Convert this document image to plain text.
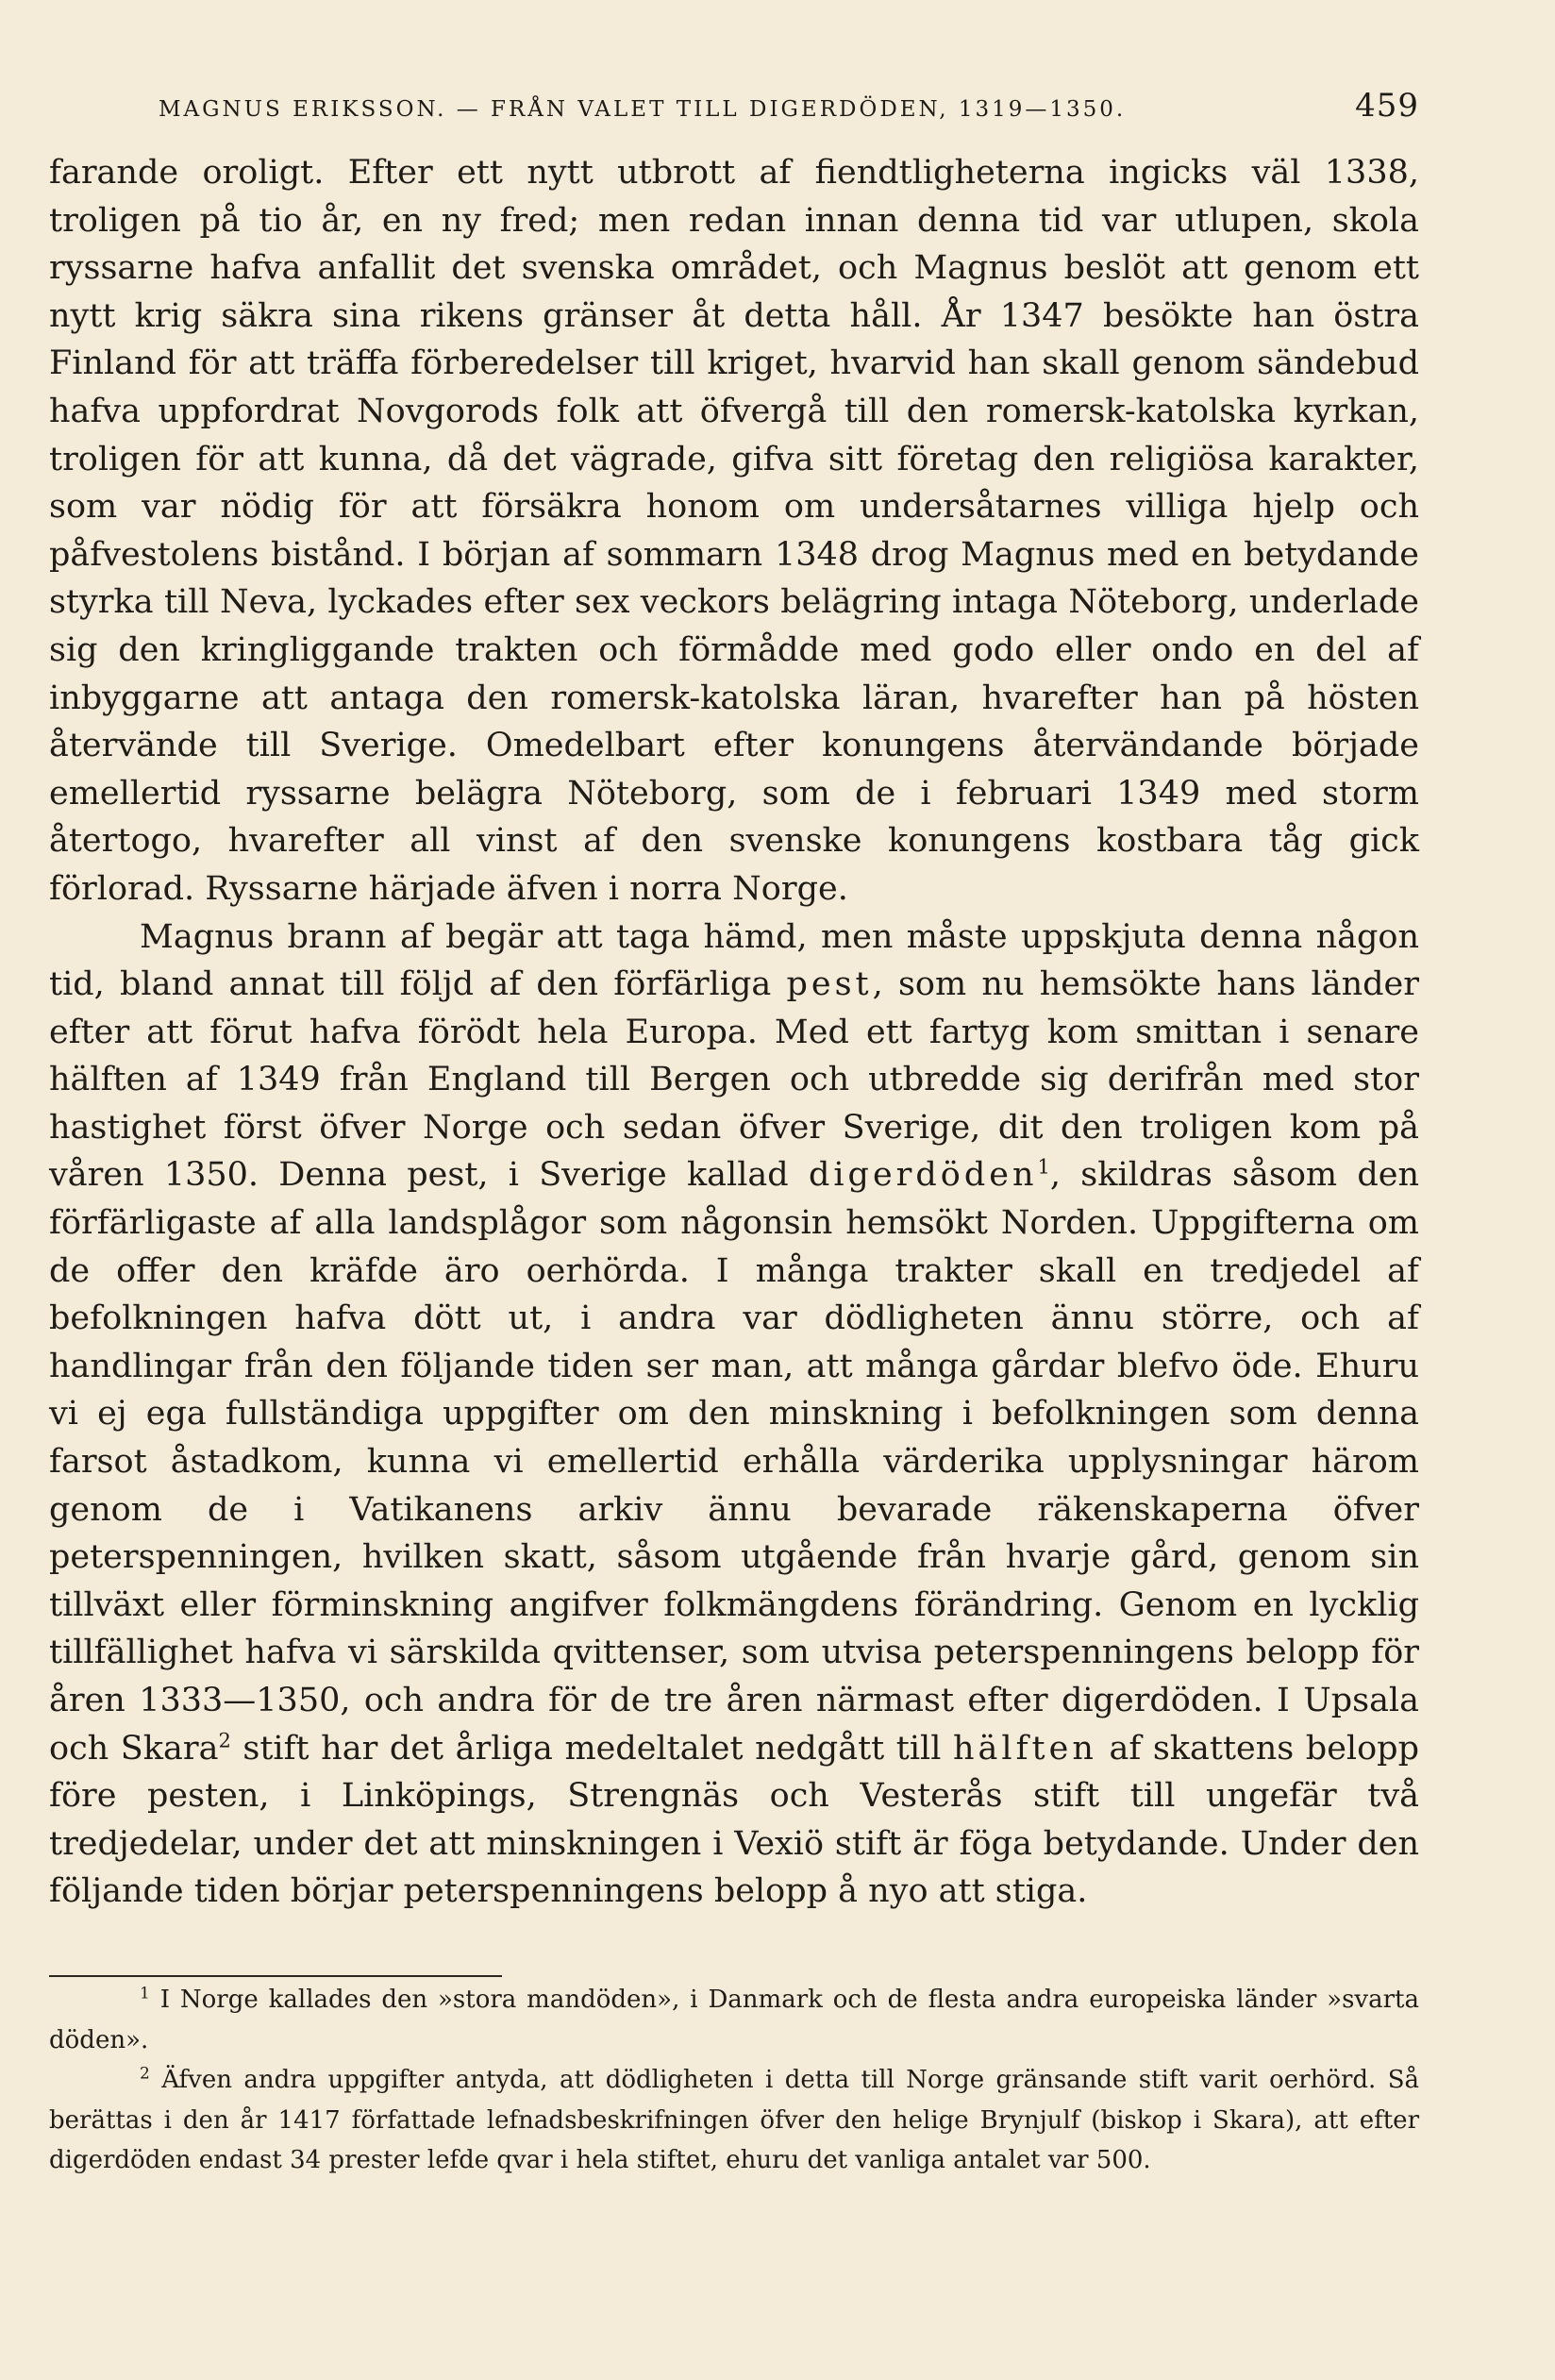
MAGNUS ERIKSSON. — FRÅN VALET TILL DIGERDÖDEN, 1319—1350.	459

farande oroligt. Efter ett nytt utbrott af fiendtligheterna ingicks väl 1338, troligen på tio år, en ny fred; men redan innan denna tid var utlupen, skola ryssarne hafva anfallit det svenska området, och Magnus beslöt att genom ett nytt krig säkra sina rikens gränser åt detta håll. År 1347 besökte han östra Finland för att träffa förberedelser till kriget, hvarvid han skall genom sändebud hafva uppfordrat Novgorods folk att öfvergå till den romersk-katolska kyrkan, troligen för att kunna, då det vägrade, gifva sitt företag den religiösa karakter, som var nödig för att försäkra honom om undersåtarnes villiga hjelp och påfvestolens bistånd. I början af sommarn 1348 drog Magnus med en betydande styrka till Neva, lyckades efter sex veckors belägring intaga Nöteborg, underlade sig den kringliggande trakten och förmådde med godo eller ondo en del af inbyggarne att antaga den romersk-katolska läran, hvarefter han på hösten återvände till Sverige. Omedelbart efter konungens återvändande började emellertid ryssarne belägra Nöteborg, som de i februari 1349 med storm återtogo, hvarefter all vinst af den svenske konungens kostbara tåg gick förlorad. Ryssarne härjade äfven i norra Norge.

Magnus brann af begär att taga hämd, men måste uppskjuta denna någon tid, bland annat till följd af den förfärliga pest, som nu hemsökte hans länder efter att förut hafva förödt hela Europa. Med ett fartyg kom smittan i senare hälften af 1349 från England till Bergen och utbredde sig derifrån med stor hastighet först öfver Norge och sedan öfver Sverige, dit den troligen kom på våren 1350. Denna pest, i Sverige kallad digerdöden$^1$, skildras såsom den förfärligaste af alla landsplågor som någonsin hemsökt Norden. Uppgifterna om de offer den kräfde äro oerhörda. I många trakter skall en tredjedel af befolkningen hafva dött ut, i andra var dödligheten ännu större, och af handlingar från den följande tiden ser man, att många gårdar blefvo öde. Ehuru vi ej ega fullständiga uppgifter om den minskning i befolkningen som denna farsot åstadkom, kunna vi emellertid erhålla värderika upplysningar härom genom de i Vatikanens arkiv ännu bevarade räkenskaperna öfver peterspenningen, hvilken skatt, såsom utgående från hvarje gård, genom sin tillväxt eller förminskning angifver folkmängdens förändring. Genom en lycklig tillfällighet hafva vi särskilda qvittenser, som utvisa peterspenningens belopp för åren 1333—1350, och andra för de tre åren närmast efter digerdöden. I Upsala och Skara$^2$ stift har det årliga medeltalet nedgått till hälften af skattens belopp före pesten, i Linköpings, Strengnäs och Vesterås stift till ungefär två tredjedelar, under det att minskningen i Vexiö stift är föga betydande. Under den följande tiden börjar peterspenningens belopp å nyo att stiga.

$^1$ I Norge kallades den »stora mandöden», i Danmark och de flesta andra europeiska länder »svarta döden».

$^2$ Äfven andra uppgifter antyda, att dödligheten i detta till Norge gränsande stift varit oerhörd. Så berättas i den år 1417 författade lefnadsbeskrifningen öfver den helige Brynjulf (biskop i Skara), att efter digerdöden endast 34 prester lefde qvar i hela stiftet, ehuru det vanliga antalet var 500.
